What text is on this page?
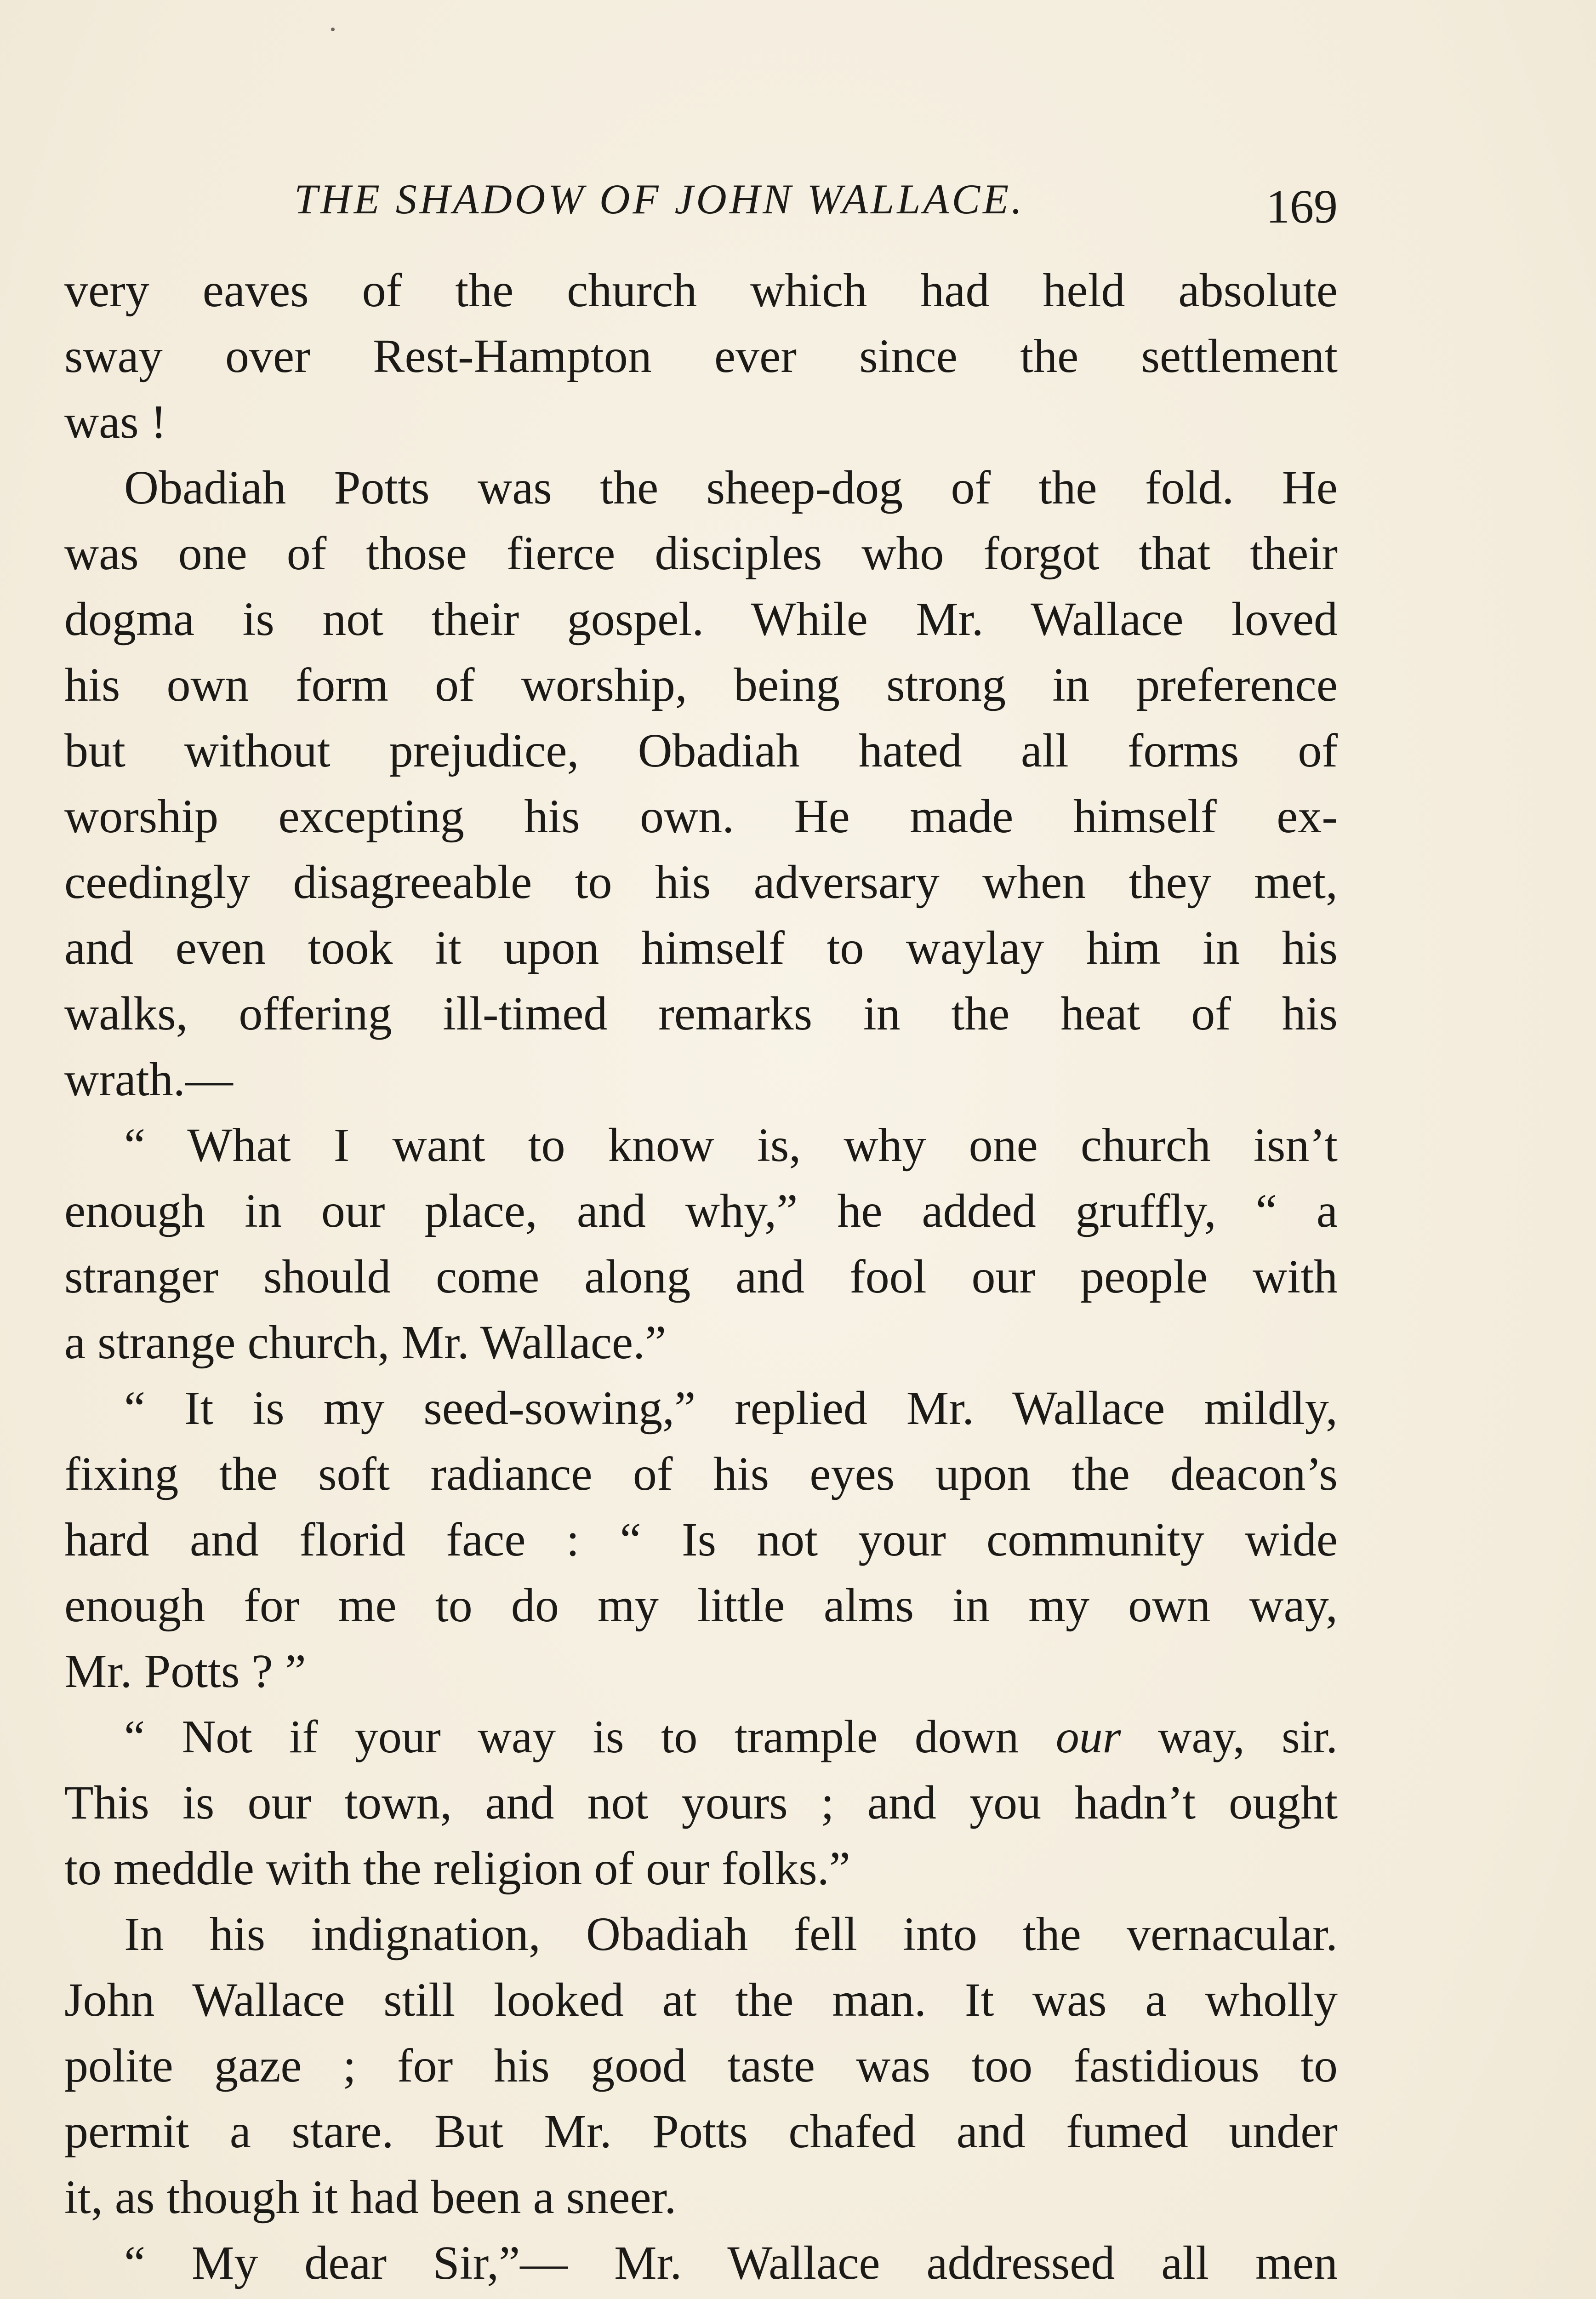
THE SHADOW OF JOHN WALLACE.	169
very eaves of the church which had held absolute
sway over Rest-Hampton ever since the settlement
was !
Obadiah Potts was the sheep-dog of the fold. He
was one of those fierce disciples who forgot that their
dogma is not their gospel. While Mr. Wallace loved
his own form of worship, being strong in preference
but without prejudice, Obadiah hated all forms of
worship excepting his own. He made himself ex-
ceedingly disagreeable to his adversary when they met,
and even took it upon himself to waylay him in his
walks, offering ill-timed remarks in the heat of his
wrath.—
“ What I want to know is, why one church isn’t
enough in our place, and why,” he added gruffly, “ a
stranger should come along and fool our people with
a strange church, Mr. Wallace.”
“ It is my seed-sowing,” replied Mr. Wallace mildly,
fixing the soft radiance of his eyes upon the deacon’s
hard and florid face : “ Is not your community wide
enough for me to do my little alms in my own way,
Mr. Potts ? ”
“ Not if your way is to trample down our way, sir.
This is our town, and not yours ; and you hadn’t ought
to meddle with the religion of our folks.”
In his indignation, Obadiah fell into the vernacular.
John Wallace still looked at the man. It was a wholly
polite gaze ; for his good taste was too fastidious to
permit a stare. But Mr. Potts chafed and fumed under
it, as though it had been a sneer.
“ My dear Sir,”— Mr. Wallace addressed all men
